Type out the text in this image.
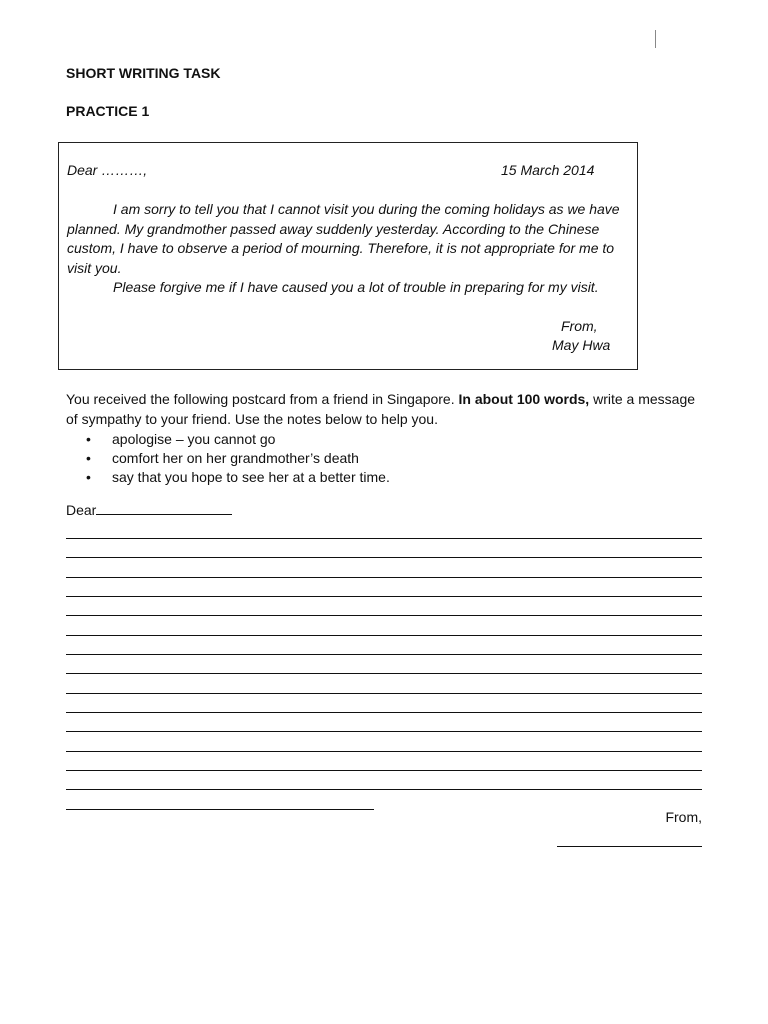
SHORT WRITING TASK
PRACTICE 1
Dear ………,	15 March 2014

I am sorry to tell you that I cannot visit you during the coming holidays as we have planned. My grandmother passed away suddenly yesterday. According to the Chinese custom, I have to observe a period of mourning. Therefore, it is not appropriate for me to visit you.

Please forgive me if I have caused you a lot of trouble in preparing for my visit.

From,
May Hwa

You received the following postcard from a friend in Singapore. In about 100 words, write a message of sympathy to your friend. Use the notes below to help you.

• apologise – you cannot go
• comfort her on her grandmother’s death
• say that you hope to see her at a better time.
Dear
From,
